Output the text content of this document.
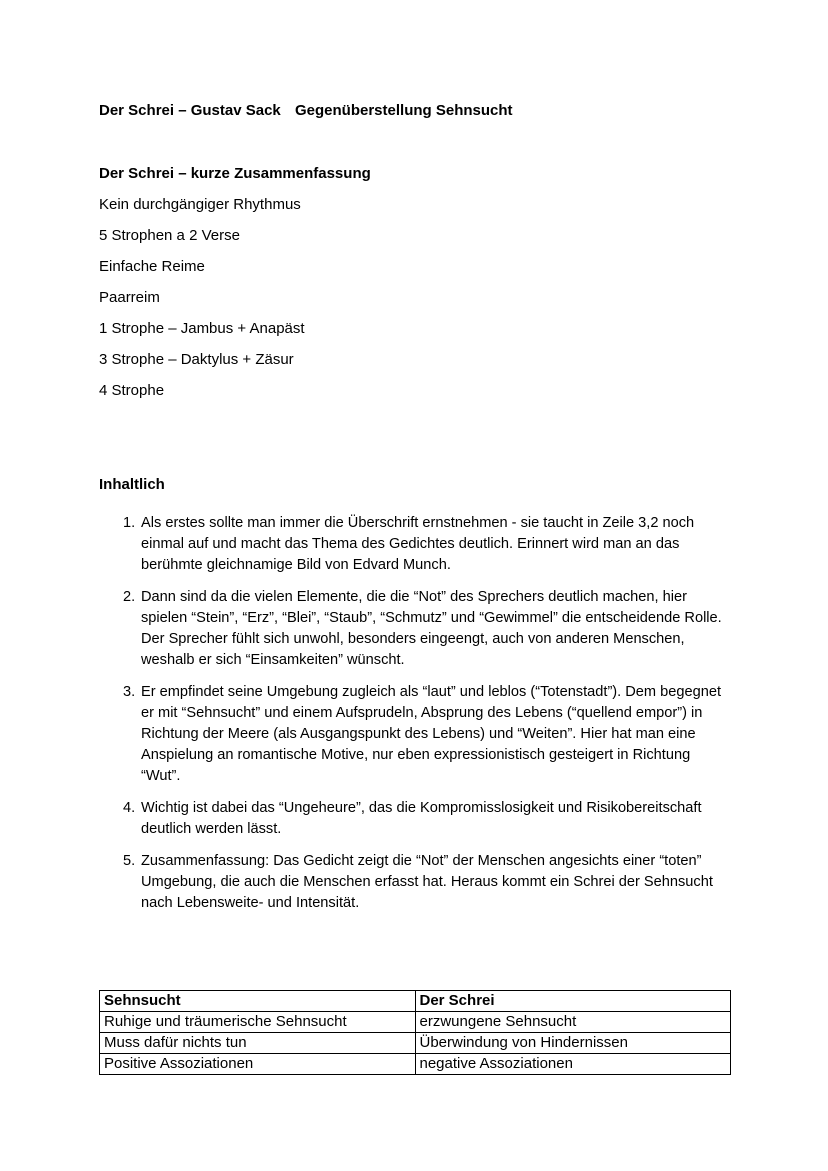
Der Schrei – Gustav Sack Gegenüberstellung Sehnsucht
Der Schrei – kurze Zusammenfassung
Kein durchgängiger Rhythmus
5 Strophen a 2 Verse
Einfache Reime
Paarreim
1 Strophe – Jambus + Anapäst
3 Strophe – Daktylus + Zäsur
4 Strophe
Inhaltlich
1. Als erstes sollte man immer die Überschrift ernstnehmen - sie taucht in Zeile 3,2 noch einmal auf und macht das Thema des Gedichtes deutlich. Erinnert wird man an das berühmte gleichnamige Bild von Edvard Munch.
2. Dann sind da die vielen Elemente, die die “Not” des Sprechers deutlich machen, hier spielen “Stein”, “Erz”, “Blei”, “Staub”, “Schmutz” und “Gewimmel” die entscheidende Rolle. Der Sprecher fühlt sich unwohl, besonders eingeengt, auch von anderen Menschen, weshalb er sich “Einsamkeiten” wünscht.
3. Er empfindet seine Umgebung zugleich als “laut” und leblos (“Totenstadt”). Dem begegnet er mit “Sehnsucht” und einem Aufsprudeln, Absprung des Lebens (“quellend empor”) in Richtung der Meere (als Ausgangspunkt des Lebens) und “Weiten”. Hier hat man eine Anspielung an romantische Motive, nur eben expressionistisch gesteigert in Richtung “Wut”.
4. Wichtig ist dabei das “Ungeheure”, das die Kompromisslosigkeit und Risikobereitschaft deutlich werden lässt.
5. Zusammenfassung: Das Gedicht zeigt die “Not” der Menschen angesichts einer “toten” Umgebung, die auch die Menschen erfasst hat. Heraus kommt ein Schrei der Sehnsucht nach Lebensweite- und Intensität.
Sehnsucht	Der Schrei
Ruhige und träumerische Sehnsucht	erzwungene Sehnsucht
Muss dafür nichts tun	Überwindung von Hindernissen
Positive Assoziationen	negative Assoziationen
